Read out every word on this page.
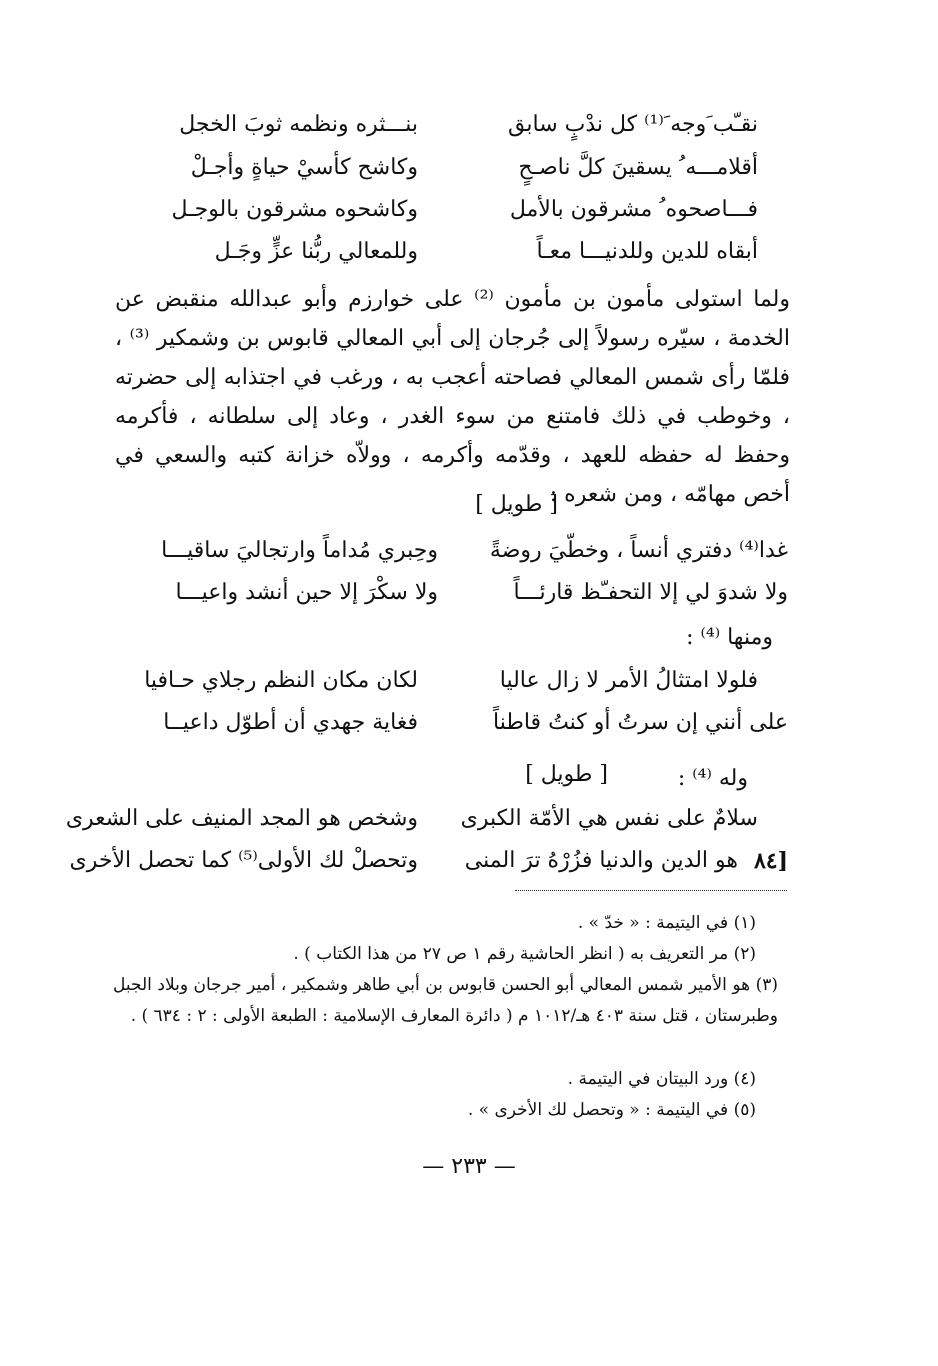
نقـّب َوجه َ⁽¹⁾ كل ندْبٍ سابق
بنـــثره ونظمه ثوبَ الخجل
أقلامـــه ُ يسقينَ كلَّ ناصـحٍ
وكاشح كأسيْ حياةٍ وأجـلْ
فـــاصحوه ُ مشرقون بالأمل
وكاشحوه مشرقون بالوجـل
أبقاه للدين وللدنيـــا معـاً
وللمعالي ربُّنا عزٍّ وجَـل
ولما استولى مأمون بن مأمون ⁽²⁾ على خوارزم وأبو عبدالله منقبض عن الخدمة ، سيّره رسولاً إلى جُرجان إلى أبي المعالي قابوس بن وشمكير ⁽³⁾ ، فلمّا رأى شمس المعالي فصاحته أعجب به ، ورغب في اجتذابه إلى حضرته ، وخوطب في ذلك فامتنع من سوء الغدر ، وعاد إلى سلطانه ، فأكرمه وحفظ له حفظه للعهد ، وقدّمه وأكرمه ، وولاّه خزانة كتبه والسعي في أخص مهامّه ، ومن شعره :
[ طويل ]
غدا⁽⁴⁾ دفتري أنساً ، وخطّيَ روضةً
وحِبري مُداماً وارتجاليَ ساقيـــا
ولا شدوَ لي إلا التحفـّظ قارئـــاً
ولا سكْرَ إلا حين أنشد واعيـــا
ومنها ⁽⁴⁾ :
فلولا امتثالُ الأمر لا زال عاليا
لكان مكان النظم رجلاي حـافيا
على أنني إن سرتُ أو كنتُ قاطناً
فغاية جهدي أن أطوّل داعيــا
وله ⁽⁴⁾ :
[ طويل ]
سلامٌ على نفس هي الأمّة الكبرى
وشخص هو المجد المنيف على الشعرى
هو الدين والدنيا فزُرْهُ ترَ المنى
وتحصلْ لك الأولى⁽⁵⁾ كما تحصل الأخرى	[٨٤
(١) في اليتيمة : « خدّ » .
(٢) مر التعريف به ( انظر الحاشية رقم ١ ص ٢٧ من هذا الكتاب ) .
(٣) هو الأمير شمس المعالي أبو الحسن قابوس بن أبي طاهر وشمكير ، أمير جرجان وبلاد الجبل وطبرستان ، قتل سنة ٤٠٣ هـ/١٠١٢ م ( دائرة المعارف الإسلامية : الطبعة الأولى : ٢ : ٦٣٤ ) .
(٤) ورد البيتان في اليتيمة .
(٥) في اليتيمة : « وتحصل لك الأخرى » .
— ٢٣٣ —
